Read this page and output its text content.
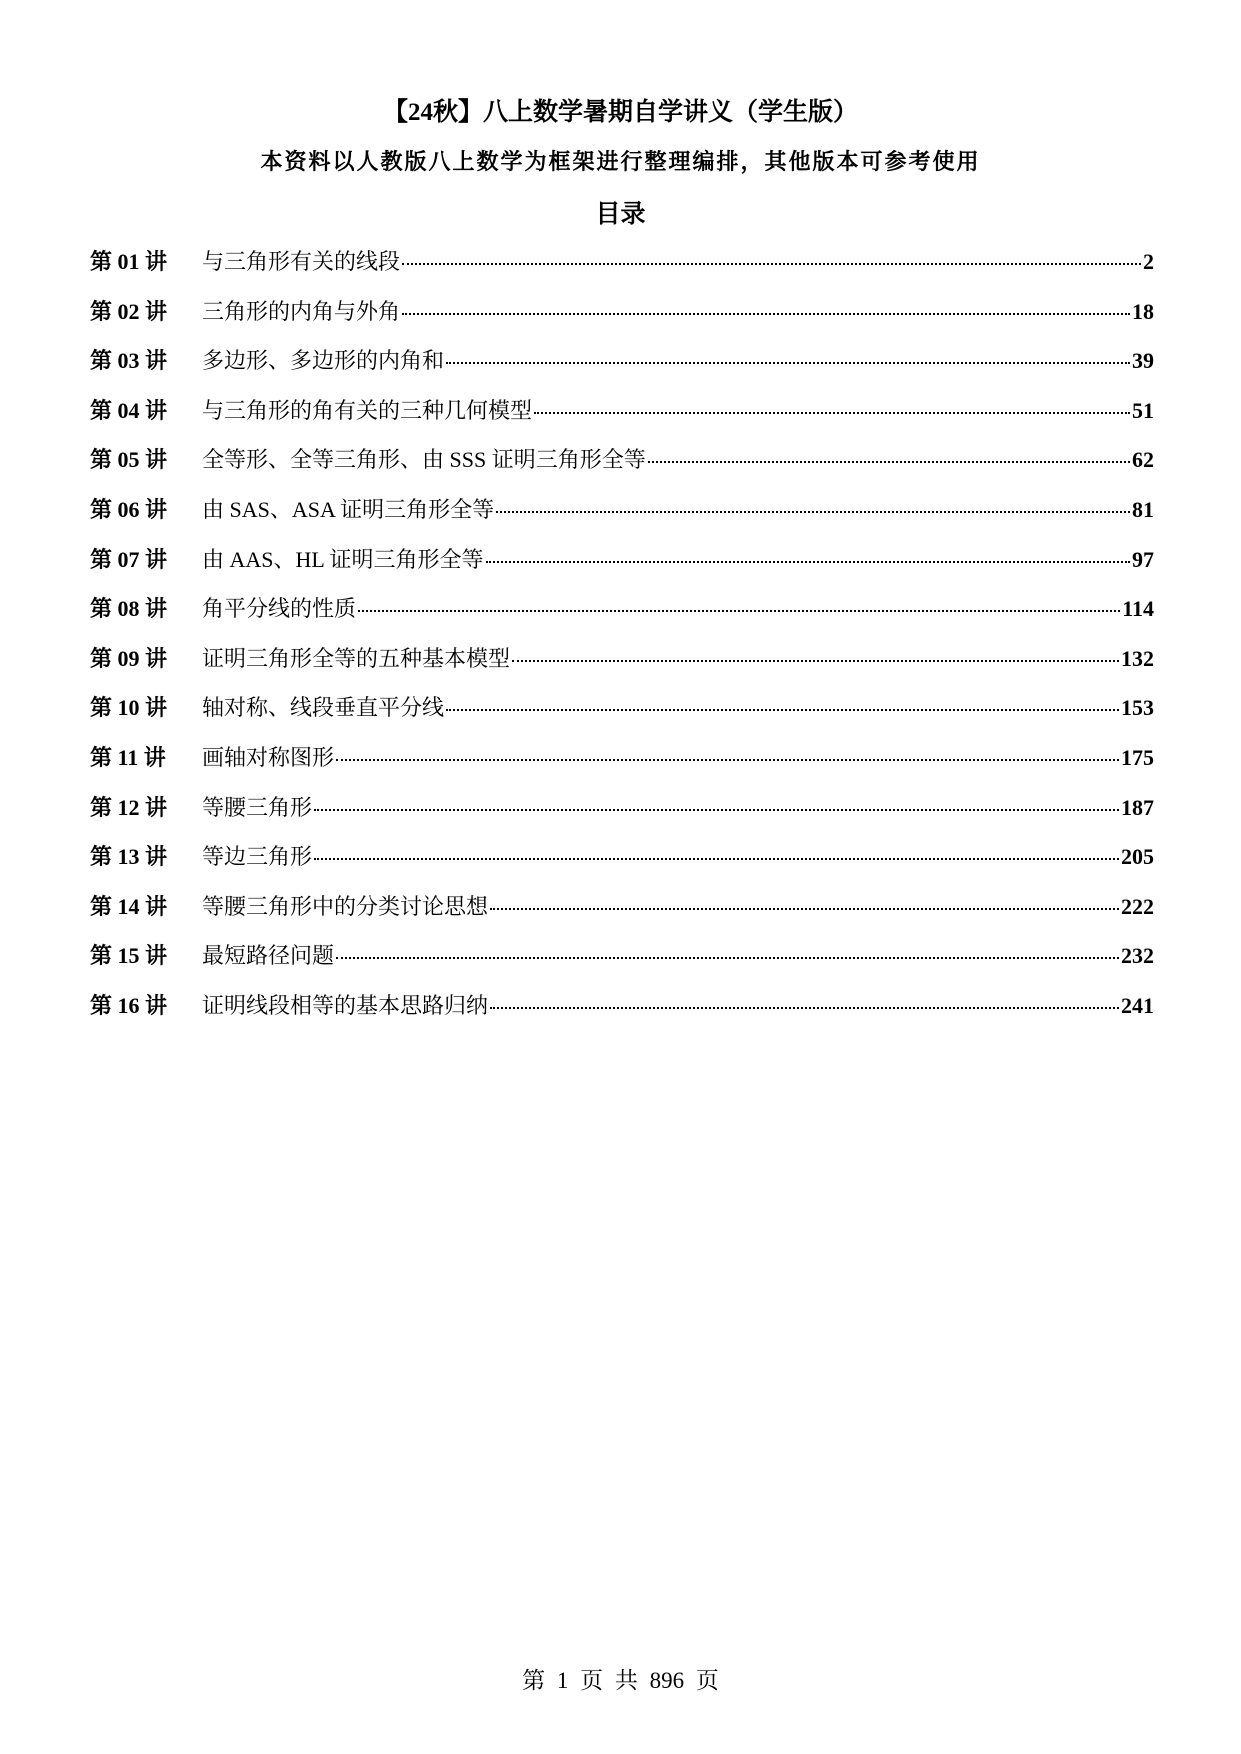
【24秋】八上数学暑期自学讲义（学生版）
本资料以人教版八上数学为框架进行整理编排，其他版本可参考使用
目录
第 01 讲	与三角形有关的线段	2
第 02 讲	三角形的内角与外角	18
第 03 讲	多边形、多边形的内角和	39
第 04 讲	与三角形的角有关的三种几何模型	51
第 05 讲	全等形、全等三角形、由 SSS 证明三角形全等	62
第 06 讲	由 SAS、ASA 证明三角形全等	81
第 07 讲	由 AAS、HL 证明三角形全等	97
第 08 讲	角平分线的性质	114
第 09 讲	证明三角形全等的五种基本模型	132
第 10 讲	轴对称、线段垂直平分线	153
第 11 讲	画轴对称图形	175
第 12 讲	等腰三角形	187
第 13 讲	等边三角形	205
第 14 讲	等腰三角形中的分类讨论思想	222
第 15 讲	最短路径问题	232
第 16 讲	证明线段相等的基本思路归纳	241
第 1 页 共 896 页
